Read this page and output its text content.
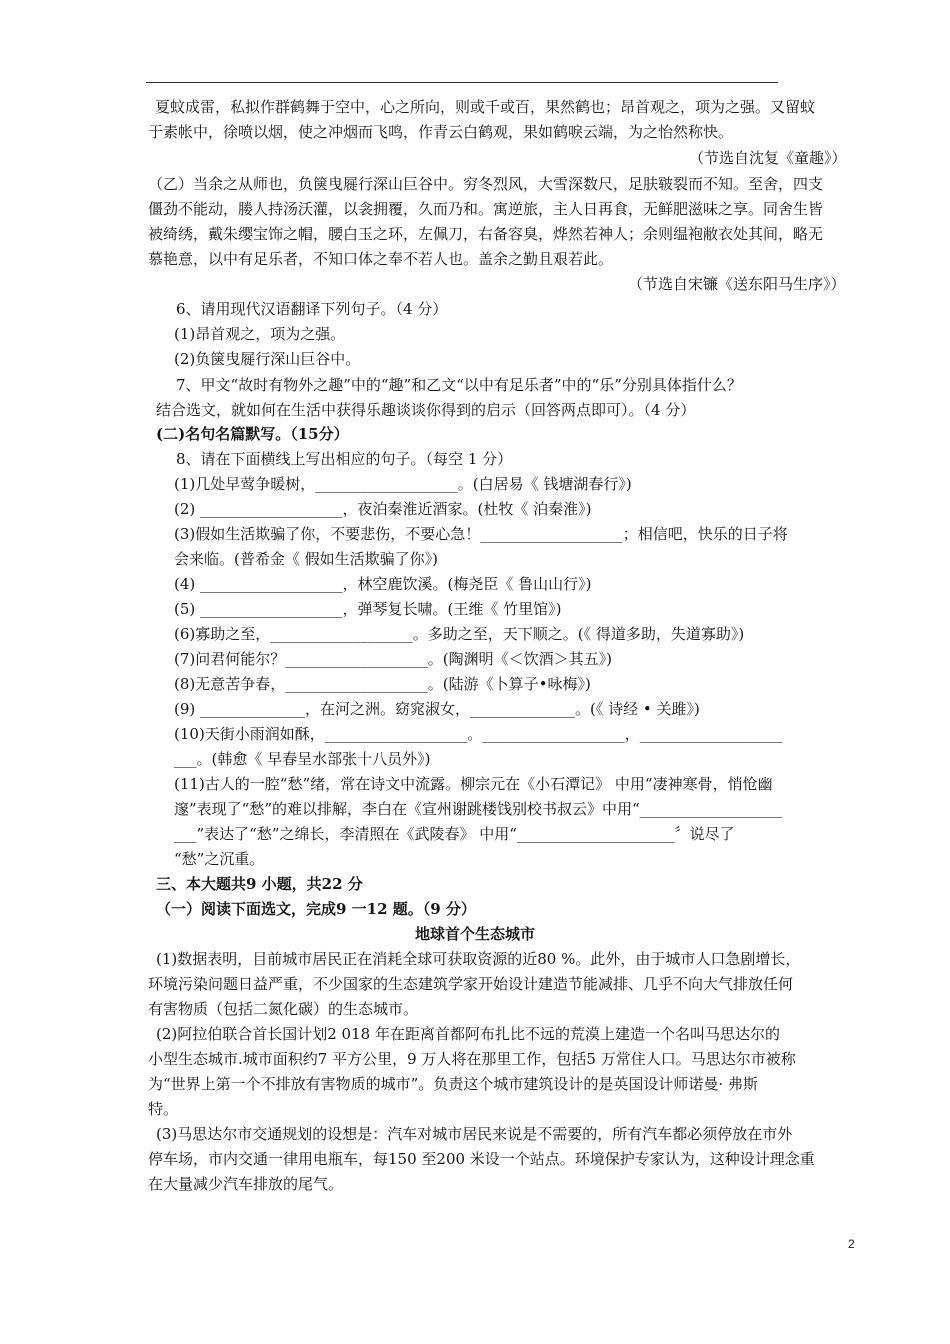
夏蚊成雷，私拟作群鹤舞于空中，心之所向，则或千或百，果然鹤也；昂首观之，项为之强。又留蚊
于素帐中，徐喷以烟，使之冲烟而飞鸣，作青云白鹤观，果如鹤唳云端，为之怡然称快。
（节选自沈复《童趣》）
（乙）当余之从师也，负箧曳屣行深山巨谷中。穷冬烈风，大雪深数尺，足肤皲裂而不知。至舍，四支
僵劲不能动，媵人持汤沃灌，以衾拥覆，久而乃和。寓逆旅，主人日再食，无鲜肥滋味之享。同舍生皆
被绮绣，戴朱缨宝饰之帽，腰白玉之环，左佩刀，右备容臭，烨然若神人；余则缊袍敝衣处其间，略无
慕艳意，以中有足乐者，不知口体之奉不若人也。盖余之勤且艰若此。
（节选自宋镰《送东阳马生序》）
6、请用现代汉语翻译下列句子。（4 分）
(1)昂首观之，项为之强。
(2)负箧曳屣行深山巨谷中。
7、甲文“故时有物外之趣”中的“趣”和乙文“以中有足乐者”中的“乐”分别具体指什么？
结合选文，就如何在生活中获得乐趣谈谈你得到的启示（回答两点即可）。（4 分）
(二)名句名篇默写。（15分）
8、请在下面横线上写出相应的句子。（每空 1 分）
(1)几处早莺争暖树，___________________。(白居易《 钱塘湖春行》)
(2) ___________________，夜泊秦淮近酒家。(杜牧《 泊秦淮》)
(3)假如生活欺骗了你，不要悲伤，不要心急！___________________；相信吧，快乐的日子将
会来临。(普希金《 假如生活欺骗了你》)
(4) ___________________，林空鹿饮溪。(梅尧臣《 鲁山山行》)
(5) ___________________，弹琴复长啸。(王维《 竹里馆》)
(6)寡助之至，___________________。多助之至，天下顺之。(《 得道多助，失道寡助》)
(7)问君何能尔？___________________。(陶渊明《＜饮酒＞其五》)
(8)无意苦争春，___________________。(陆游《卜算子•咏梅》)
(9) ______________，在河之洲。窈窕淑女，______________。(《 诗经 • 关雎》)
(10)天街小雨润如酥，___________________。___________________，___________________
___。(韩愈《 早春呈水部张十八员外》)
(11)古人的一腔“愁”绪，常在诗文中流露。柳宗元在《小石潭记》 中用“凄神寒骨，悄怆幽
邃”表现了“愁”的难以排解，李白在《宣州谢跳楼饯别校书叔云》中用“___________________
___”表达了“愁”之绵长，李清照在《武陵春》 中用“_____________________〞说尽了
“愁”之沉重。
三、本大题共9 小题，共22 分
（一）阅读下面选文，完成9 一12 题。（9 分）
地球首个生态城市
(1)数据表明，目前城市居民正在消耗全球可获取资源的近80 %。此外，由于城市人口急剧增长，
环境污染问题日益严重，不少国家的生态建筑学家开始设计建造节能减排、几乎不向大气排放任何
有害物质（包括二氮化碳）的生态城市。
(2)阿拉伯联合首长国计划2 018 年在距离首都阿布扎比不远的荒漠上建造一个名叫马思达尔的
小型生态城市.城市面积约7 平方公里，9 万人将在那里工作，包括5 万常住人口。马思达尔市被称
为“世界上第一个不排放有害物质的城市”。负责这个城市建筑设计的是英国设计师诺曼· 弗斯
特。
(3)马思达尔市交通规划的设想是：汽车对城市居民来说是不需要的，所有汽车都必须停放在市外
停车场，市内交通一律用电瓶车，每150 至200 米设一个站点。环境保护专家认为，这种设计理念重
在大量减少汽车排放的尾气。
2
